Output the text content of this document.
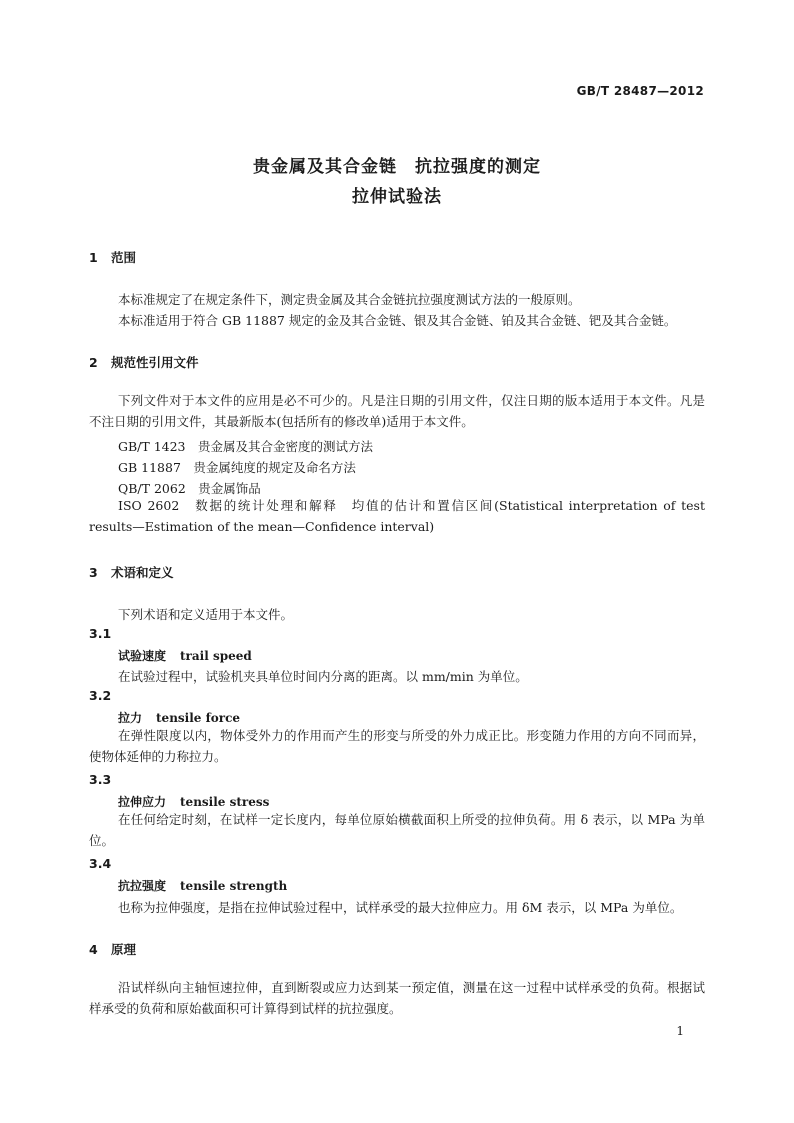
GB/T 28487—2012
贵金属及其合金链　抗拉强度的测定
拉伸试验法
1 范围
本标准规定了在规定条件下，测定贵金属及其合金链抗拉强度测试方法的一般原则。
本标准适用于符合 GB 11887 规定的金及其合金链、银及其合金链、铂及其合金链、钯及其合金链。
2 规范性引用文件
下列文件对于本文件的应用是必不可少的。凡是注日期的引用文件，仅注日期的版本适用于本文件。凡是不注日期的引用文件，其最新版本(包括所有的修改单)适用于本文件。
GB/T 1423　贵金属及其合金密度的测试方法
GB 11887　贵金属纯度的规定及命名方法
QB/T 2062　贵金属饰品
ISO 2602　数据的统计处理和解释　均值的估计和置信区间(Statistical interpretation of test results—Estimation of the mean—Confidence interval)
3 术语和定义
下列术语和定义适用于本文件。
3.1
试验速度 trail speed
在试验过程中，试验机夹具单位时间内分离的距离。以 mm/min 为单位。
3.2
拉力 tensile force
在弹性限度以内，物体受外力的作用而产生的形变与所受的外力成正比。形变随力作用的方向不同而异，使物体延伸的力称拉力。
3.3
拉伸应力 tensile stress
在任何给定时刻，在试样一定长度内，每单位原始横截面积上所受的拉伸负荷。用 δ 表示，以 MPa 为单位。
3.4
抗拉强度 tensile strength
也称为拉伸强度，是指在拉伸试验过程中，试样承受的最大拉伸应力。用 δM 表示，以 MPa 为单位。
4 原理
沿试样纵向主轴恒速拉伸，直到断裂或应力达到某一预定值，测量在这一过程中试样承受的负荷。根据试样承受的负荷和原始截面积可计算得到试样的抗拉强度。
1
